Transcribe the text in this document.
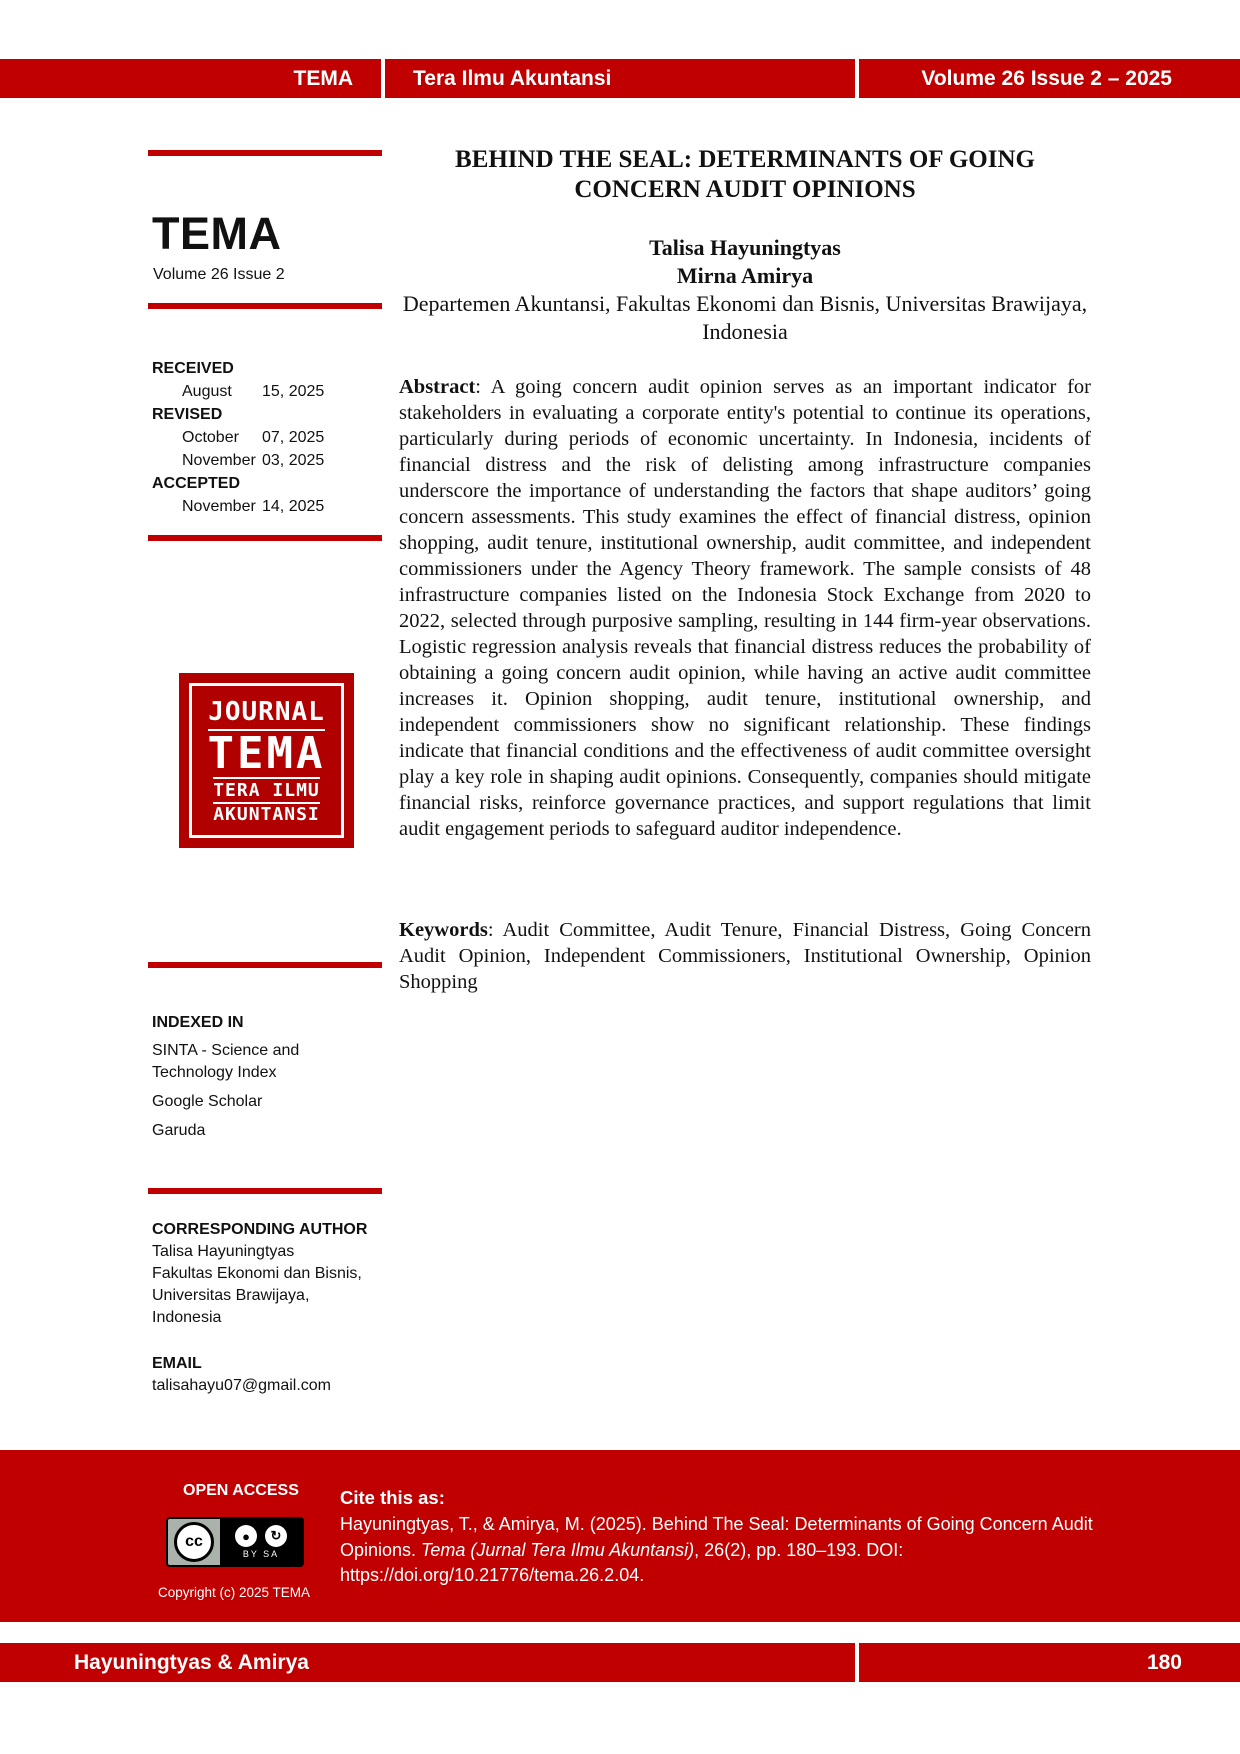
TEMA	Tera Ilmu Akuntansi	Volume 26 Issue 2 – 2025
TEMA
Volume 26 Issue 2
RECEIVED
August	15, 2025
REVISED
October	07, 2025
November 03, 2025
ACCEPTED
November 14, 2025
JOURNAL
TEMA
TERA ILMU
AKUNTANSI
INDEXED IN
SINTA - Science and Technology Index
Google Scholar
Garuda
CORRESPONDING AUTHOR
Talisa Hayuningtyas
Fakultas Ekonomi dan Bisnis,
Universitas Brawijaya,
Indonesia
EMAIL
talisahayu07@gmail.com
BEHIND THE SEAL: DETERMINANTS OF GOING
CONCERN AUDIT OPINIONS
Talisa Hayuningtyas
Mirna Amirya
Departemen Akuntansi, Fakultas Ekonomi dan Bisnis, Universitas Brawijaya, Indonesia
Abstract: A going concern audit opinion serves as an important indicator for stakeholders in evaluating a corporate entity's potential to continue its operations, particularly during periods of economic uncertainty. In Indonesia, incidents of financial distress and the risk of delisting among infrastructure companies underscore the importance of understanding the factors that shape auditors’ going concern assessments. This study examines the effect of financial distress, opinion shopping, audit tenure, institutional ownership, audit committee, and independent commissioners under the Agency Theory framework. The sample consists of 48 infrastructure companies listed on the Indonesia Stock Exchange from 2020 to 2022, selected through purposive sampling, resulting in 144 firm-year observations. Logistic regression analysis reveals that financial distress reduces the probability of obtaining a going concern audit opinion, while having an active audit committee increases it. Opinion shopping, audit tenure, institutional ownership, and independent commissioners show no significant relationship. These findings indicate that financial conditions and the effectiveness of audit committee oversight play a key role in shaping audit opinions. Consequently, companies should mitigate financial risks, reinforce governance practices, and support regulations that limit audit engagement periods to safeguard auditor independence.
Keywords: Audit Committee, Audit Tenure, Financial Distress, Going Concern Audit Opinion, Independent Commissioners, Institutional Ownership, Opinion Shopping
OPEN ACCESS
cc	●	↻
BY SA
Copyright (c) 2025 TEMA
Cite this as:
Hayuningtyas, T., & Amirya, M. (2025). Behind The Seal: Determinants of Going Concern Audit Opinions. Tema (Jurnal Tera Ilmu Akuntansi), 26(2), pp. 180–193. DOI: https://doi.org/10.21776/tema.26.2.04.
Hayuningtyas & Amirya	180
